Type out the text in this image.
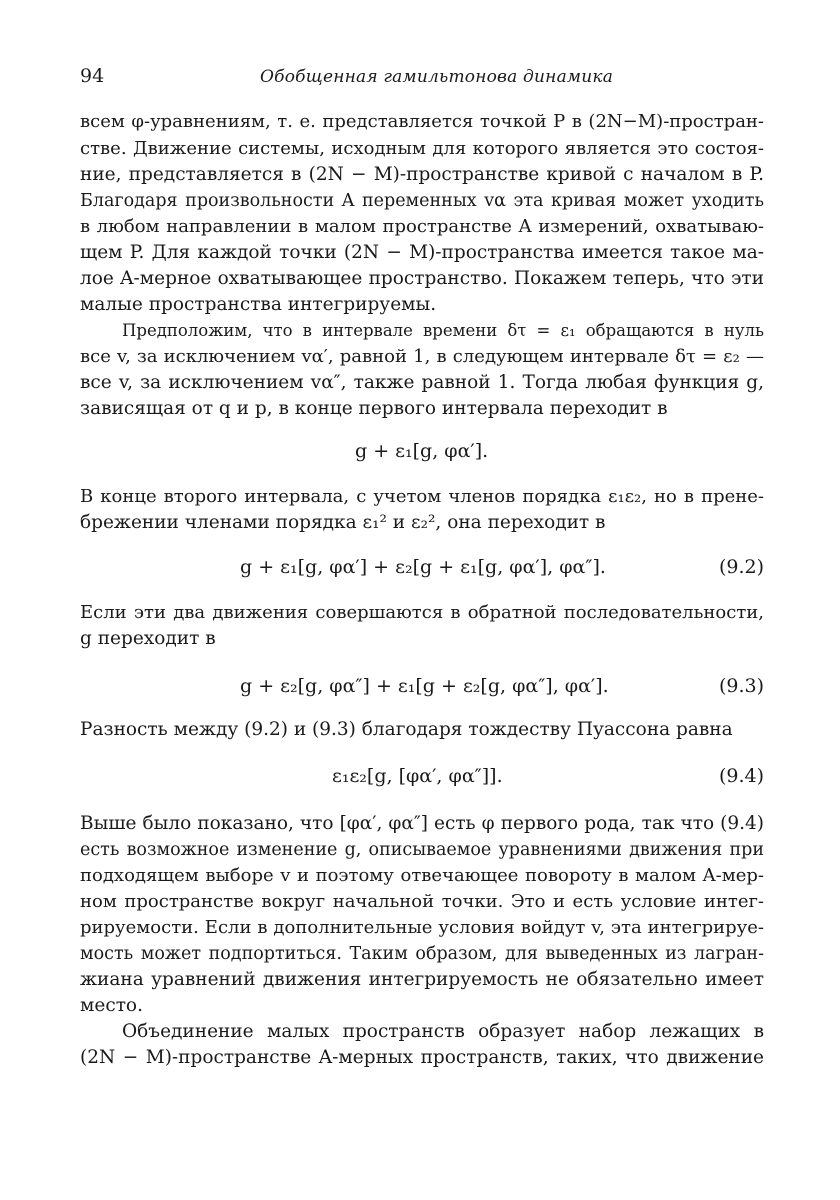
94	Обобщенная гамильтонова динамика
всем φ-уравнениям, т. е. представляется точкой P в (2N−M)-простран-
стве. Движение системы, исходным для которого является это состоя-
ние, представляется в (2N − M)-пространстве кривой с началом в P.
Благодаря произвольности A переменных vα эта кривая может уходить
в любом направлении в малом пространстве A измерений, охватываю-
щем P. Для каждой точки (2N − M)-пространства имеется такое ма-
лое A-мерное охватывающее пространство. Покажем теперь, что эти
малые пространства интегрируемы.
Предположим, что в интервале времени δτ = ε₁ обращаются в нуль
все v, за исключением vα′, равной 1, в следующем интервале δτ = ε₂ —
все v, за исключением vα″, также равной 1. Тогда любая функция g,
зависящая от q и p, в конце первого интервала переходит в
g + ε₁[g, φα′].
В конце второго интервала, с учетом членов порядка ε₁ε₂, но в прене-
брежении членами порядка ε₁² и ε₂², она переходит в
g + ε₁[g, φα′] + ε₂[g + ε₁[g, φα′], φα″].	(9.2)
Если эти два движения совершаются в обратной последовательности,
g переходит в
g + ε₂[g, φα″] + ε₁[g + ε₂[g, φα″], φα′].	(9.3)
Разность между (9.2) и (9.3) благодаря тождеству Пуассона равна
ε₁ε₂[g, [φα′, φα″]].	(9.4)
Выше было показано, что [φα′, φα″] есть φ первого рода, так что (9.4)
есть возможное изменение g, описываемое уравнениями движения при
подходящем выборе v и поэтому отвечающее повороту в малом A-мер-
ном пространстве вокруг начальной точки. Это и есть условие интег-
рируемости. Если в дополнительные условия войдут v, эта интегрируе-
мость может подпортиться. Таким образом, для выведенных из лагран-
жиана уравнений движения интегрируемость не обязательно имеет
место.
Объединение малых пространств образует набор лежащих в
(2N − M)-пространстве A-мерных пространств, таких, что движение
